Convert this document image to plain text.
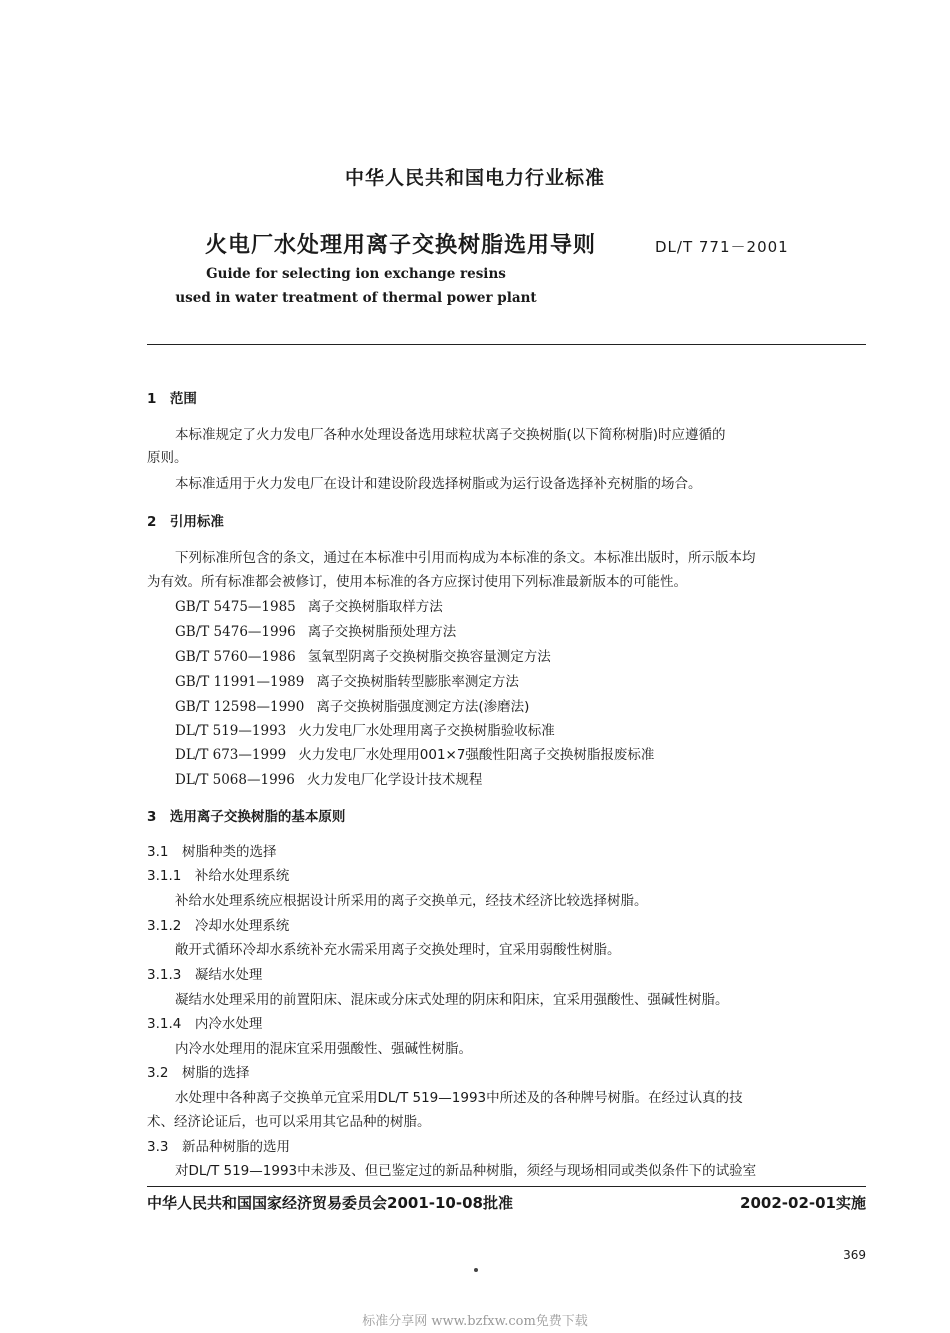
中华人民共和国电力行业标准
火电厂水处理用离子交换树脂选用导则	DL/T 771－2001
Guide for selecting ion exchange resins
used in water treatment of thermal power plant
1　范围
本标准规定了火力发电厂各种水处理设备选用球粒状离子交换树脂(以下简称树脂)时应遵循的
原则。
本标准适用于火力发电厂在设计和建设阶段选择树脂或为运行设备选择补充树脂的场合。
2　引用标准
下列标准所包含的条文，通过在本标准中引用而构成为本标准的条文。本标准出版时，所示版本均
为有效。所有标准都会被修订，使用本标准的各方应探讨使用下列标准最新版本的可能性。
GB/T 5475—1985 离子交换树脂取样方法
GB/T 5476—1996 离子交换树脂预处理方法
GB/T 5760—1986 氢氧型阴离子交换树脂交换容量测定方法
GB/T 11991—1989 离子交换树脂转型膨胀率测定方法
GB/T 12598—1990 离子交换树脂强度测定方法(渗磨法)
DL/T 519—1993 火力发电厂水处理用离子交换树脂验收标准
DL/T 673—1999 火力发电厂水处理用001×7强酸性阳离子交换树脂报废标准
DL/T 5068—1996 火力发电厂化学设计技术规程
3　选用离子交换树脂的基本原则
3.1　树脂种类的选择
3.1.1　补给水处理系统
补给水处理系统应根据设计所采用的离子交换单元，经技术经济比较选择树脂。
3.1.2　冷却水处理系统
敞开式循环冷却水系统补充水需采用离子交换处理时，宜采用弱酸性树脂。
3.1.3　凝结水处理
凝结水处理采用的前置阳床、混床或分床式处理的阴床和阳床，宜采用强酸性、强碱性树脂。
3.1.4　内冷水处理
内冷水处理用的混床宜采用强酸性、强碱性树脂。
3.2　树脂的选择
水处理中各种离子交换单元宜采用DL/T 519—1993中所述及的各种牌号树脂。在经过认真的技
术、经济论证后，也可以采用其它品种的树脂。
3.3　新品种树脂的选用
对DL/T 519—1993中未涉及、但已鉴定过的新品种树脂，须经与现场相同或类似条件下的试验室
中华人民共和国国家经济贸易委员会2001-10-08批准	2002-02-01实施
369
标准分享网 www.bzfxw.com免费下载
